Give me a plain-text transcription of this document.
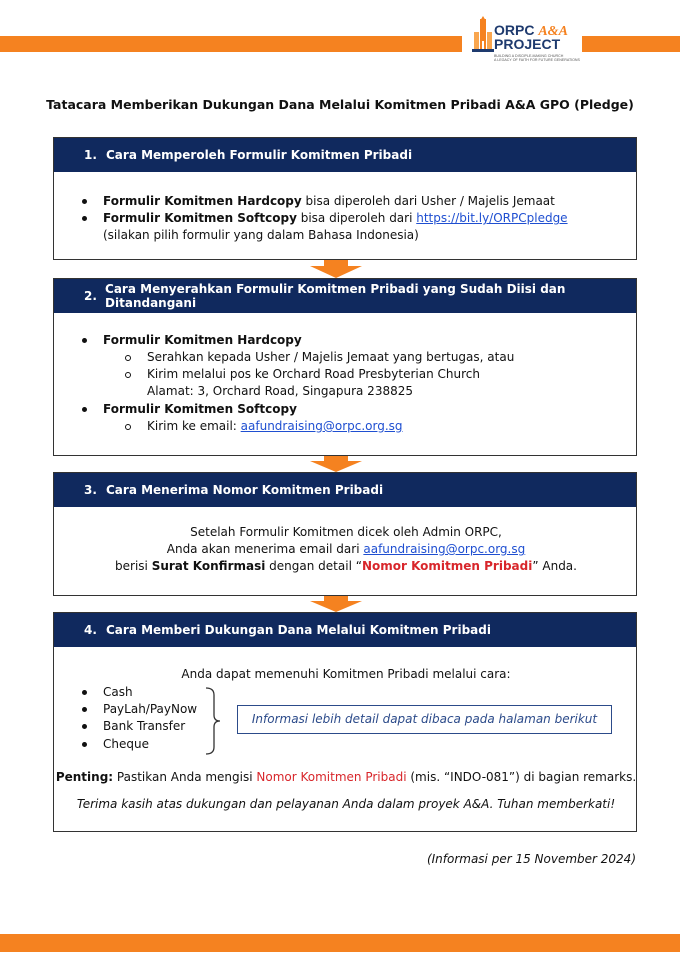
ORPC A&A
PROJECT
BUILDING A DISCIPLE-MAKING CHURCH
A LEGACY OF FAITH FOR FUTURE GENERATIONS
Tatacara Memberikan Dukungan Dana Melalui Komitmen Pribadi A&A GPO (Pledge)
1. Cara Memperoleh Formulir Komitmen Pribadi
Formulir Komitmen Hardcopy bisa diperoleh dari Usher / Majelis Jemaat
Formulir Komitmen Softcopy bisa diperoleh dari https://bit.ly/ORPCpledge
(silakan pilih formulir yang dalam Bahasa Indonesia)
2. Cara Menyerahkan Formulir Komitmen Pribadi yang Sudah Diisi dan Ditandangani
Formulir Komitmen Hardcopy
Serahkan kepada Usher / Majelis Jemaat yang bertugas, atau
Kirim melalui pos ke Orchard Road Presbyterian Church
Alamat: 3, Orchard Road, Singapura 238825
Formulir Komitmen Softcopy
Kirim ke email: aafundraising@orpc.org.sg
3. Cara Menerima Nomor Komitmen Pribadi
Setelah Formulir Komitmen dicek oleh Admin ORPC,
Anda akan menerima email dari aafundraising@orpc.org.sg
berisi Surat Konfirmasi dengan detail “Nomor Komitmen Pribadi” Anda.
4. Cara Memberi Dukungan Dana Melalui Komitmen Pribadi
Anda dapat memenuhi Komitmen Pribadi melalui cara:
Cash
PayLah/PayNow
Bank Transfer
Cheque
Informasi lebih detail dapat dibaca pada halaman berikut
Penting: Pastikan Anda mengisi Nomor Komitmen Pribadi (mis. “INDO-081”) di bagian remarks.
Terima kasih atas dukungan dan pelayanan Anda dalam proyek A&A. Tuhan memberkati!
(Informasi per 15 November 2024)
